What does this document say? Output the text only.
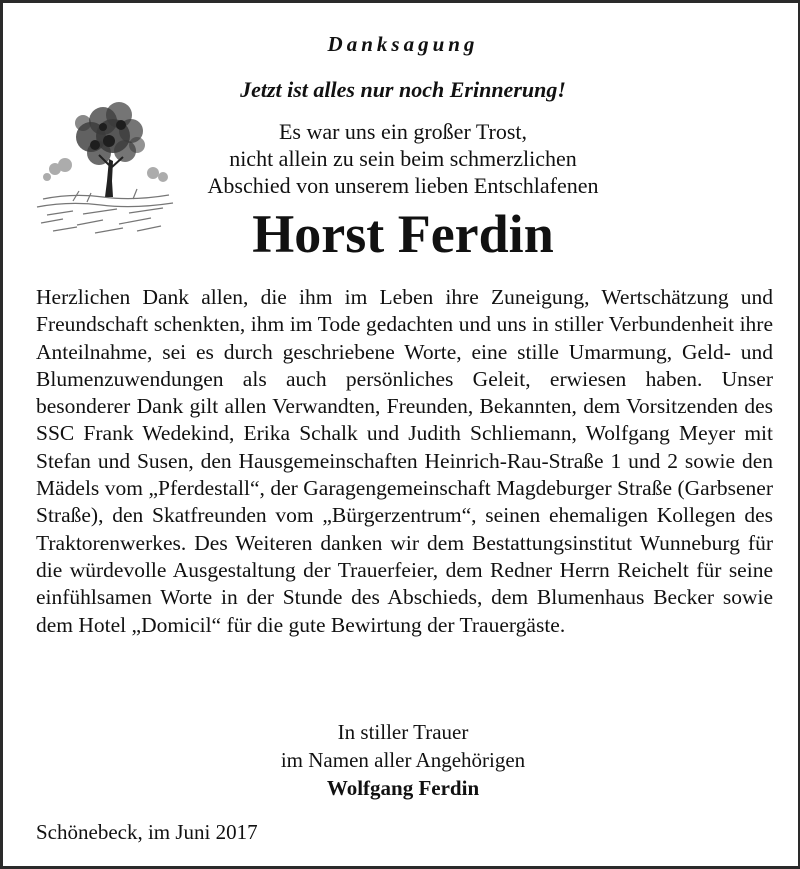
Danksagung
Jetzt ist alles nur noch Erinnerung!
Es war uns ein großer Trost,
nicht allein zu sein beim schmerzlichen
Abschied von unserem lieben Entschlafenen
Horst Ferdin
Herzlichen Dank allen, die ihm im Leben ihre Zuneigung, Wertschätzung und Freundschaft schenkten, ihm im Tode gedachten und uns in stiller Verbundenheit ihre Anteilnahme, sei es durch geschriebene Worte, eine stille Umarmung, Geld- und Blumenzuwendungen als auch persönliches Geleit, erwiesen haben. Unser besonderer Dank gilt allen Verwandten, Freunden, Bekannten, dem Vorsitzenden des SSC Frank Wedekind, Erika Schalk und Judith Schliemann, Wolfgang Meyer mit Stefan und Susen, den Hausgemeinschaften Heinrich-Rau-Straße 1 und 2 sowie den Mädels vom „Pferdestall“, der Garagengemeinschaft Magdeburger Straße (Garbsener Straße), den Skatfreunden vom „Bürgerzentrum“, seinen ehemaligen Kollegen des Traktorenwerkes. Des Weiteren danken wir dem Bestattungsinstitut Wunneburg für die würdevolle Ausgestaltung der Trauerfeier, dem Redner Herrn Reichelt für seine einfühlsamen Worte in der Stunde des Abschieds, dem Blumenhaus Becker sowie dem Hotel „Domicil“ für die gute Bewirtung der Trauergäste.
In stiller Trauer
im Namen aller Angehörigen
Wolfgang Ferdin
Schönebeck, im Juni 2017
